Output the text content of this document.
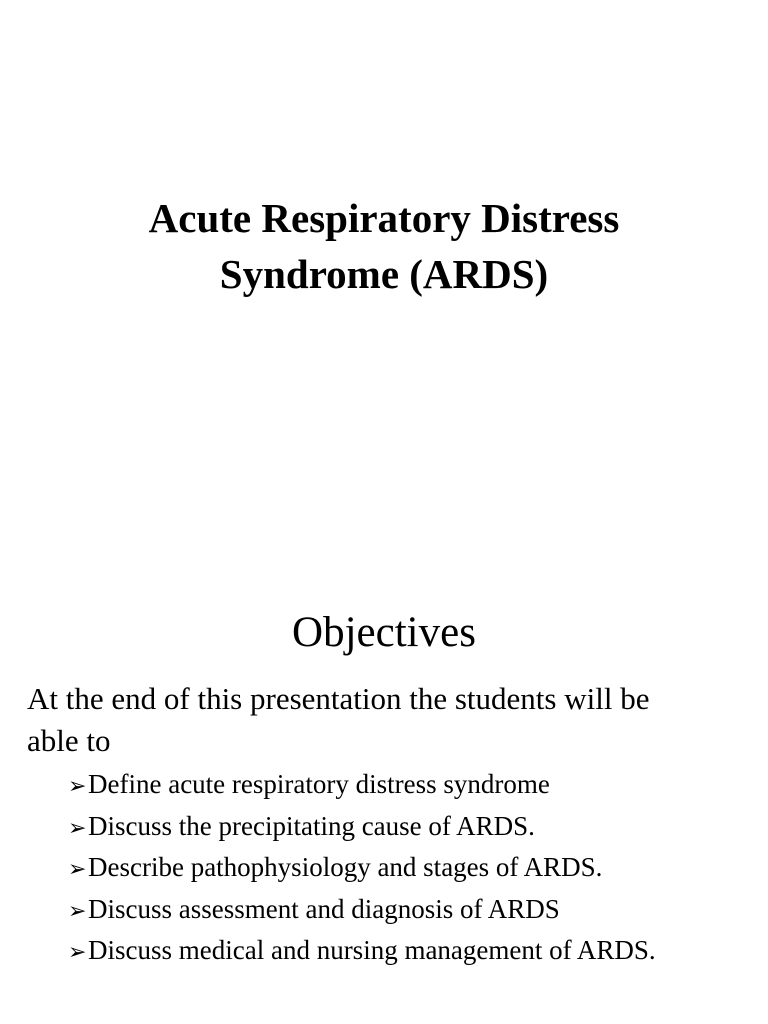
Acute Respiratory Distress
Syndrome (ARDS)
Objectives

At the end of this presentation the students will be
able to

➢ Define acute respiratory distress syndrome
➢ Discuss the precipitating cause of ARDS.
➢ Describe pathophysiology and stages of ARDS.
➢ Discuss assessment and diagnosis of ARDS
➢ Discuss medical and nursing management of ARDS.
